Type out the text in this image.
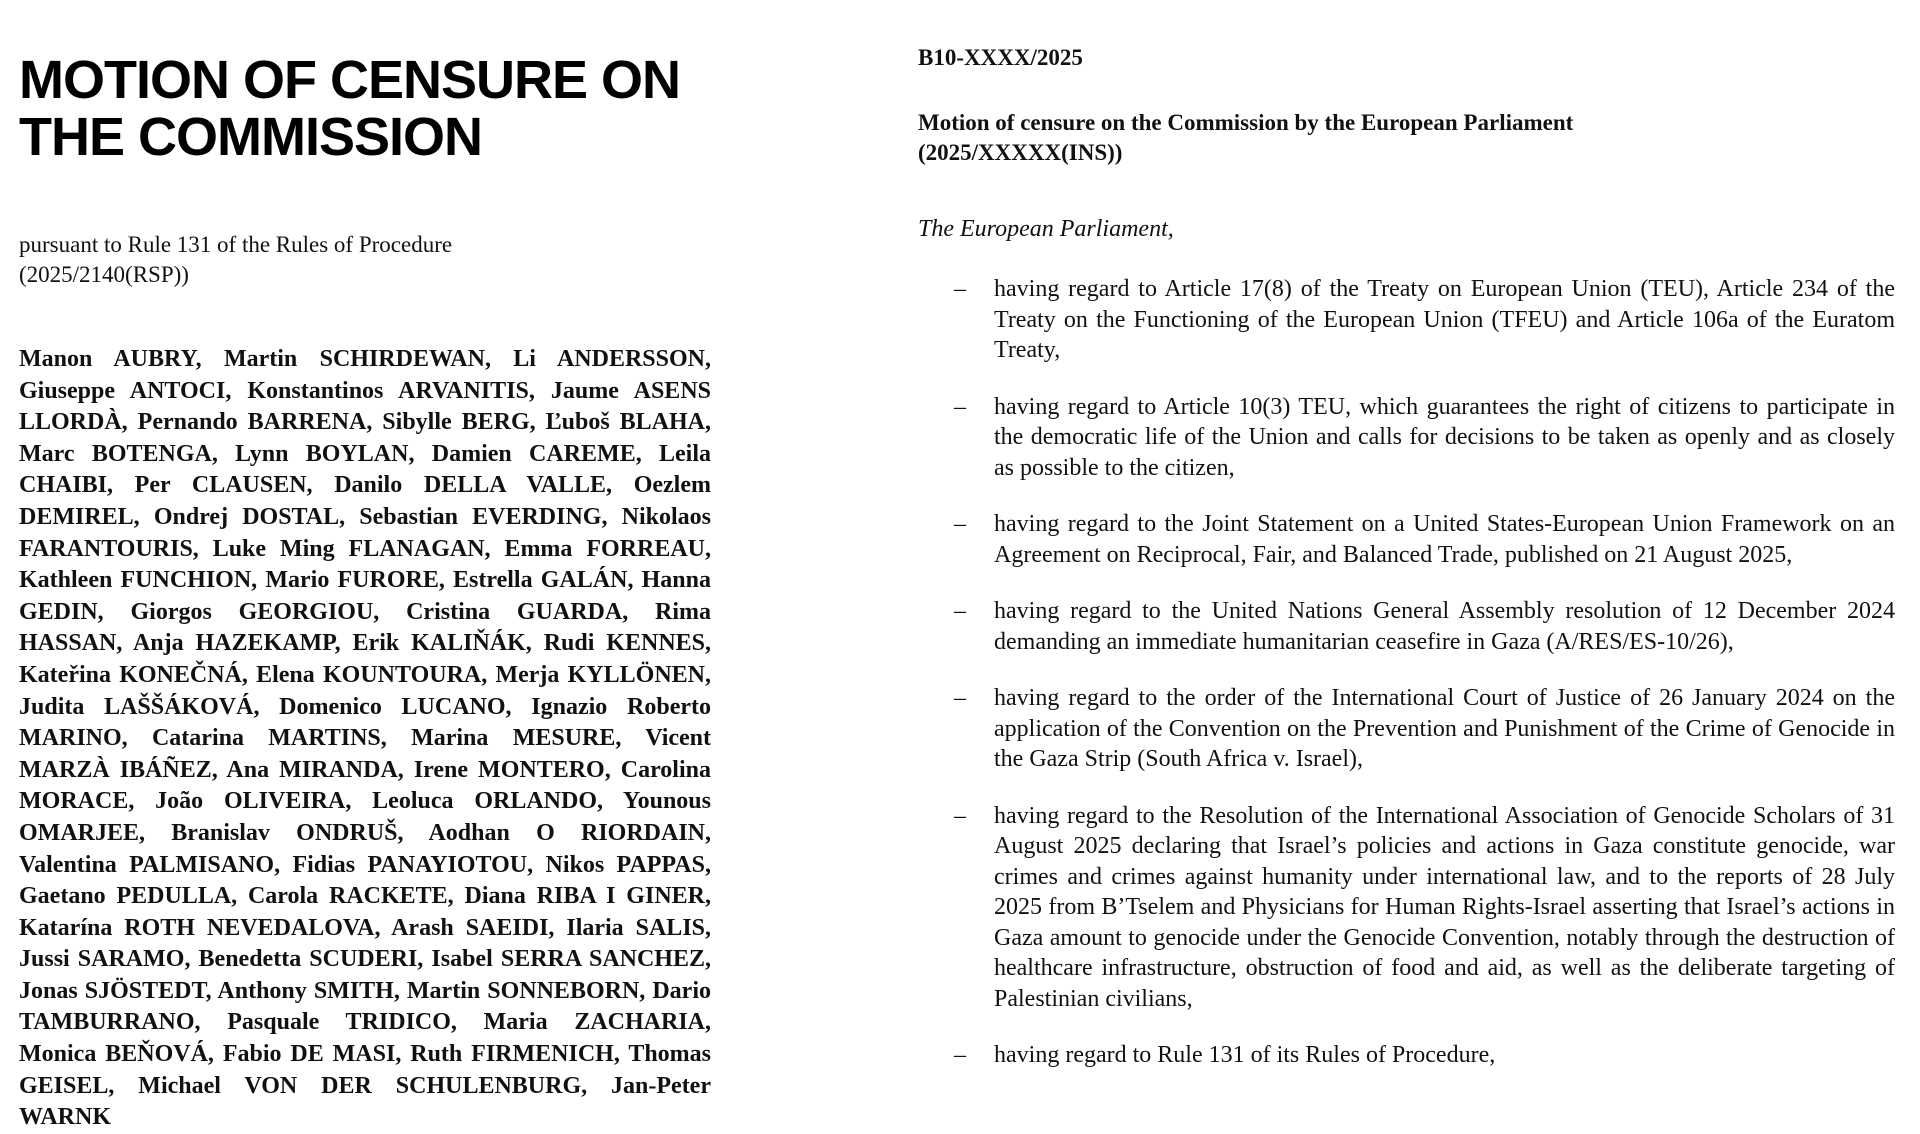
MOTION OF CENSURE ON THE COMMISSION

pursuant to Rule 131 of the Rules of Procedure
(2025/2140(RSP))

Manon AUBRY, Martin SCHIRDEWAN, Li ANDERSSON, Giuseppe ANTOCI, Konstantinos ARVANITIS, Jaume ASENS LLORDÀ, Pernando BARRENA, Sibylle BERG, Ľuboš BLAHA, Marc BOTENGA, Lynn BOYLAN, Damien CAREME, Leila CHAIBI, Per CLAUSEN, Danilo DELLA VALLE, Oezlem DEMIREL, Ondrej DOSTAL, Sebastian EVERDING, Nikolaos FARANTOURIS, Luke Ming FLANAGAN, Emma FORREAU, Kathleen FUNCHION, Mario FURORE, Estrella GALÁN, Hanna GEDIN, Giorgos GEORGIOU, Cristina GUARDA, Rima HASSAN, Anja HAZEKAMP, Erik KALIŇÁK, Rudi KENNES, Kateřina KONEČNÁ, Elena KOUNTOURA, Merja KYLLÖNEN, Judita LAŠŠÁKOVÁ, Domenico LUCANO, Ignazio Roberto MARINO, Catarina MARTINS, Marina MESURE, Vicent MARZÀ IBÁÑEZ, Ana MIRANDA, Irene MONTERO, Carolina MORACE, João OLIVEIRA, Leoluca ORLANDO, Younous OMARJEE, Branislav ONDRUŠ, Aodhan O RIORDAIN, Valentina PALMISANO, Fidias PANAYIOTOU, Nikos PAPPAS, Gaetano PEDULLA, Carola RACKETE, Diana RIBA I GINER, Katarína ROTH NEVEDALOVA, Arash SAEIDI, Ilaria SALIS, Jussi SARAMO, Benedetta SCUDERI, Isabel SERRA SANCHEZ, Jonas SJÖSTEDT, Anthony SMITH, Martin SONNEBORN, Dario TAMBURRANO, Pasquale TRIDICO, Maria ZACHARIA, Monica BEŇOVÁ, Fabio DE MASI, Ruth FIRMENICH, Thomas GEISEL, Michael VON DER SCHULENBURG, Jan-Peter WARNK

B10-XXXX/2025

Motion of censure on the Commission by the European Parliament
(2025/XXXXX(INS))

The European Parliament,

– having regard to Article 17(8) of the Treaty on European Union (TEU), Article 234 of the Treaty on the Functioning of the European Union (TFEU) and Article 106a of the Euratom Treaty,
– having regard to Article 10(3) TEU, which guarantees the right of citizens to participate in the democratic life of the Union and calls for decisions to be taken as openly and as closely as possible to the citizen,
– having regard to the Joint Statement on a United States-European Union Framework on an Agreement on Reciprocal, Fair, and Balanced Trade, published on 21 August 2025,
– having regard to the United Nations General Assembly resolution of 12 December 2024 demanding an immediate humanitarian ceasefire in Gaza (A/RES/ES-10/26),
– having regard to the order of the International Court of Justice of 26 January 2024 on the application of the Convention on the Prevention and Punishment of the Crime of Genocide in the Gaza Strip (South Africa v. Israel),
– having regard to the Resolution of the International Association of Genocide Scholars of 31 August 2025 declaring that Israel’s policies and actions in Gaza constitute genocide, war crimes and crimes against humanity under international law, and to the reports of 28 July 2025 from B’Tselem and Physicians for Human Rights-Israel asserting that Israel’s actions in Gaza amount to genocide under the Genocide Convention, notably through the destruction of healthcare infrastructure, obstruction of food and aid, as well as the deliberate targeting of Palestinian civilians,
– having regard to Rule 131 of its Rules of Procedure,
